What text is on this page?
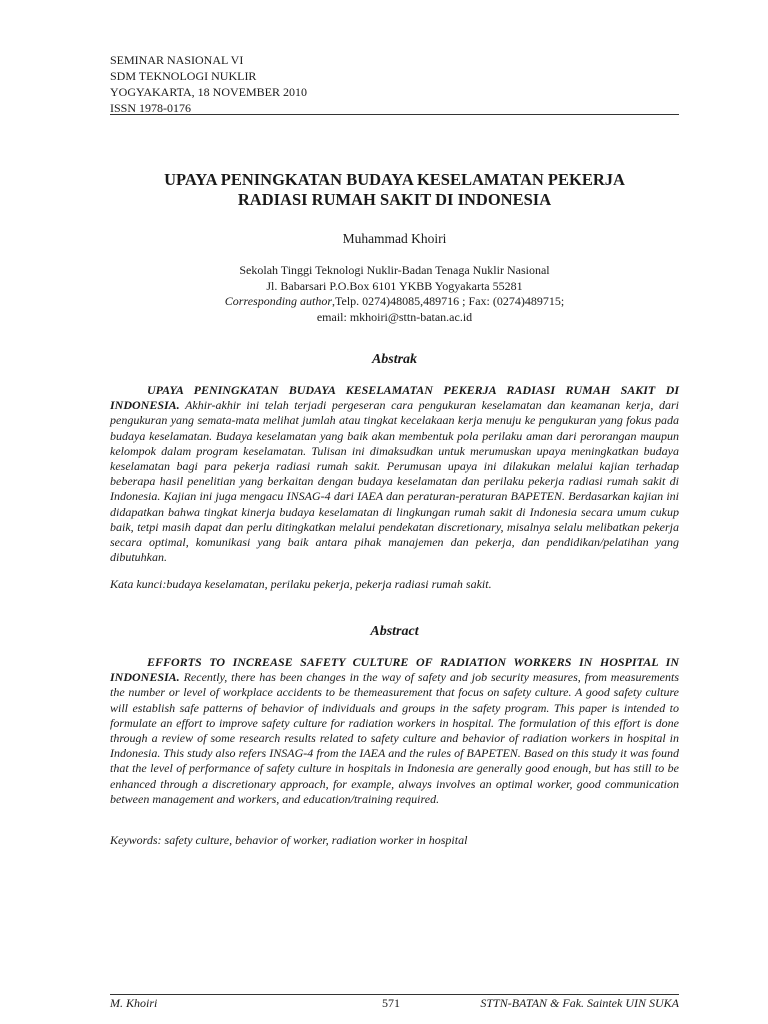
SEMINAR NASIONAL VI
SDM TEKNOLOGI NUKLIR
YOGYAKARTA, 18 NOVEMBER 2010
ISSN 1978-0176
UPAYA PENINGKATAN BUDAYA KESELAMATAN PEKERJA
RADIASI RUMAH SAKIT DI INDONESIA
Muhammad Khoiri
Sekolah Tinggi Teknologi Nuklir-Badan Tenaga Nuklir Nasional
Jl. Babarsari P.O.Box 6101 YKBB Yogyakarta 55281
Corresponding author,Telp. 0274)48085,489716 ; Fax: (0274)489715;
email: mkhoiri@sttn-batan.ac.id
Abstrak
UPAYA PENINGKATAN BUDAYA KESELAMATAN PEKERJA RADIASI RUMAH SAKIT DI INDONESIA. Akhir-akhir ini telah terjadi pergeseran cara pengukuran keselamatan dan keamanan kerja, dari pengukuran yang semata-mata melihat jumlah atau tingkat kecelakaan kerja menuju ke pengukuran yang fokus pada budaya keselamatan. Budaya keselamatan yang baik akan membentuk pola perilaku aman dari perorangan maupun kelompok dalam program keselamatan. Tulisan ini dimaksudkan untuk merumuskan upaya meningkatkan budaya keselamatan bagi para pekerja radiasi rumah sakit. Perumusan upaya ini dilakukan melalui kajian terhadap beberapa hasil penelitian yang berkaitan dengan budaya keselamatan dan perilaku pekerja radiasi rumah sakit di Indonesia. Kajian ini juga mengacu INSAG-4 dari IAEA dan peraturan-peraturan BAPETEN. Berdasarkan kajian ini didapatkan bahwa tingkat kinerja budaya keselamatan di lingkungan rumah sakit di Indonesia secara umum cukup baik, tetpi masih dapat dan perlu ditingkatkan melalui pendekatan discretionary, misalnya selalu melibatkan pekerja secara optimal, komunikasi yang baik antara pihak manajemen dan pekerja, dan pendidikan/pelatihan yang dibutuhkan.
Kata kunci:budaya keselamatan, perilaku pekerja, pekerja radiasi rumah sakit.
Abstract
EFFORTS TO INCREASE SAFETY CULTURE OF RADIATION WORKERS IN HOSPITAL IN INDONESIA. Recently, there has been changes in the way of safety and job security measures, from measurements the number or level of workplace accidents to be themeasurement that focus on safety culture. A good safety culture will establish safe patterns of behavior of individuals and groups in the safety program. This paper is intended to formulate an effort to improve safety culture for radiation workers in hospital. The formulation of this effort is done through a review of some research results related to safety culture and behavior of radiation workers in hospital in Indonesia. This study also refers INSAG-4 from the IAEA and the rules of BAPETEN. Based on this study it was found that the level of performance of safety culture in hospitals in Indonesia are generally good enough, but has still to be enhanced through a discretionary approach, for example, always involves an optimal worker, good communication between management and workers, and education/training required.
Keywords: safety culture, behavior of worker, radiation worker in hospital
M. Khoiri	571	STTN-BATAN & Fak. Saintek UIN SUKA
